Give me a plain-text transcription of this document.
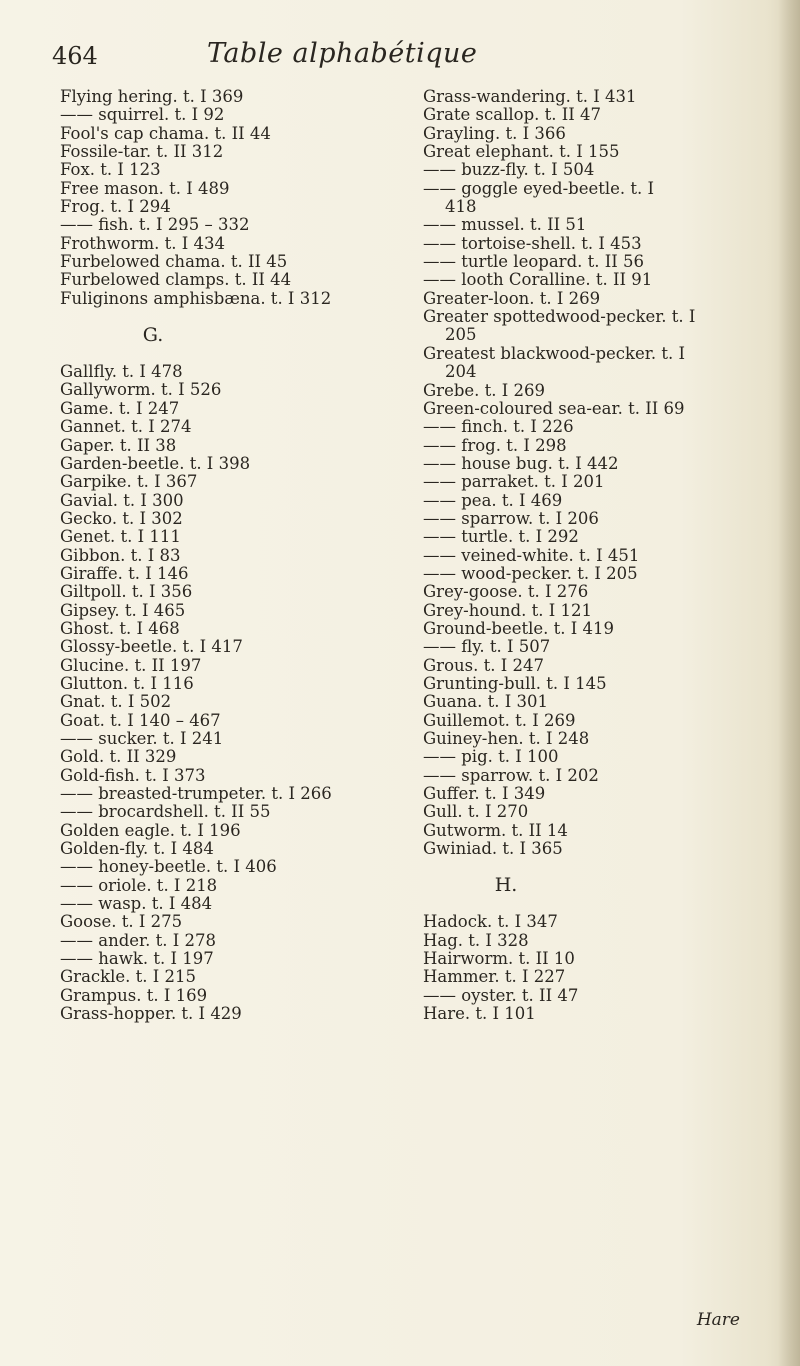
464	Table alphabétique
Flying hering. t. I 369
—— squirrel. t. I 92
Fool's cap chama. t. II 44
Fossile-tar. t. II 312
Fox. t. I 123
Free mason. t. I 489
Frog. t. I 294
—— fish. t. I 295 – 332
Frothworm. t. I 434
Furbelowed chama. t. II 45
Furbelowed clamps. t. II 44
Fuliginons amphisbæna. t. I 312
G.
Gallfly. t. I 478
Gallyworm. t. I 526
Game. t. I 247
Gannet. t. I 274
Gaper. t. II 38
Garden-beetle. t. I 398
Garpike. t. I 367
Gavial. t. I 300
Gecko. t. I 302
Genet. t. I 111
Gibbon. t. I 83
Giraffe. t. I 146
Giltpoll. t. I 356
Gipsey. t. I 465
Ghost. t. I 468
Glossy-beetle. t. I 417
Glucine. t. II 197
Glutton. t. I 116
Gnat. t. I 502
Goat. t. I 140 – 467
—— sucker. t. I 241
Gold. t. II 329
Gold-fish. t. I 373
—— breasted-trumpeter. t. I 266
—— brocardshell. t. II 55
Golden eagle. t. I 196
Golden-fly. t. I 484
—— honey-beetle. t. I 406
—— oriole. t. I 218
—— wasp. t. I 484
Goose. t. I 275
—— ander. t. I 278
—— hawk. t. I 197
Grackle. t. I 215
Grampus. t. I 169
Grass-hopper. t. I 429
Grass-wandering. t. I 431
Grate scallop. t. II 47
Grayling. t. I 366
Great elephant. t. I 155
—— buzz-fly. t. I 504
—— goggle eyed-beetle. t. I
418
—— mussel. t. II 51
—— tortoise-shell. t. I 453
—— turtle leopard. t. II 56
—— looth Coralline. t. II 91
Greater-loon. t. I 269
Greater spottedwood-pecker. t. I
205
Greatest blackwood-pecker. t. I
204
Grebe. t. I 269
Green-coloured sea-ear. t. II 69
—— finch. t. I 226
—— frog. t. I 298
—— house bug. t. I 442
—— parraket. t. I 201
—— pea. t. I 469
—— sparrow. t. I 206
—— turtle. t. I 292
—— veined-white. t. I 451
—— wood-pecker. t. I 205
Grey-goose. t. I 276
Grey-hound. t. I 121
Ground-beetle. t. I 419
—— fly. t. I 507
Grous. t. I 247
Grunting-bull. t. I 145
Guana. t. I 301
Guillemot. t. I 269
Guiney-hen. t. I 248
—— pig. t. I 100
—— sparrow. t. I 202
Guffer. t. I 349
Gull. t. I 270
Gutworm. t. II 14
Gwiniad. t. I 365
H.
Hadock. t. I 347
Hag. t. I 328
Hairworm. t. II 10
Hammer. t. I 227
—— oyster. t. II 47
Hare. t. I 101
Hare
